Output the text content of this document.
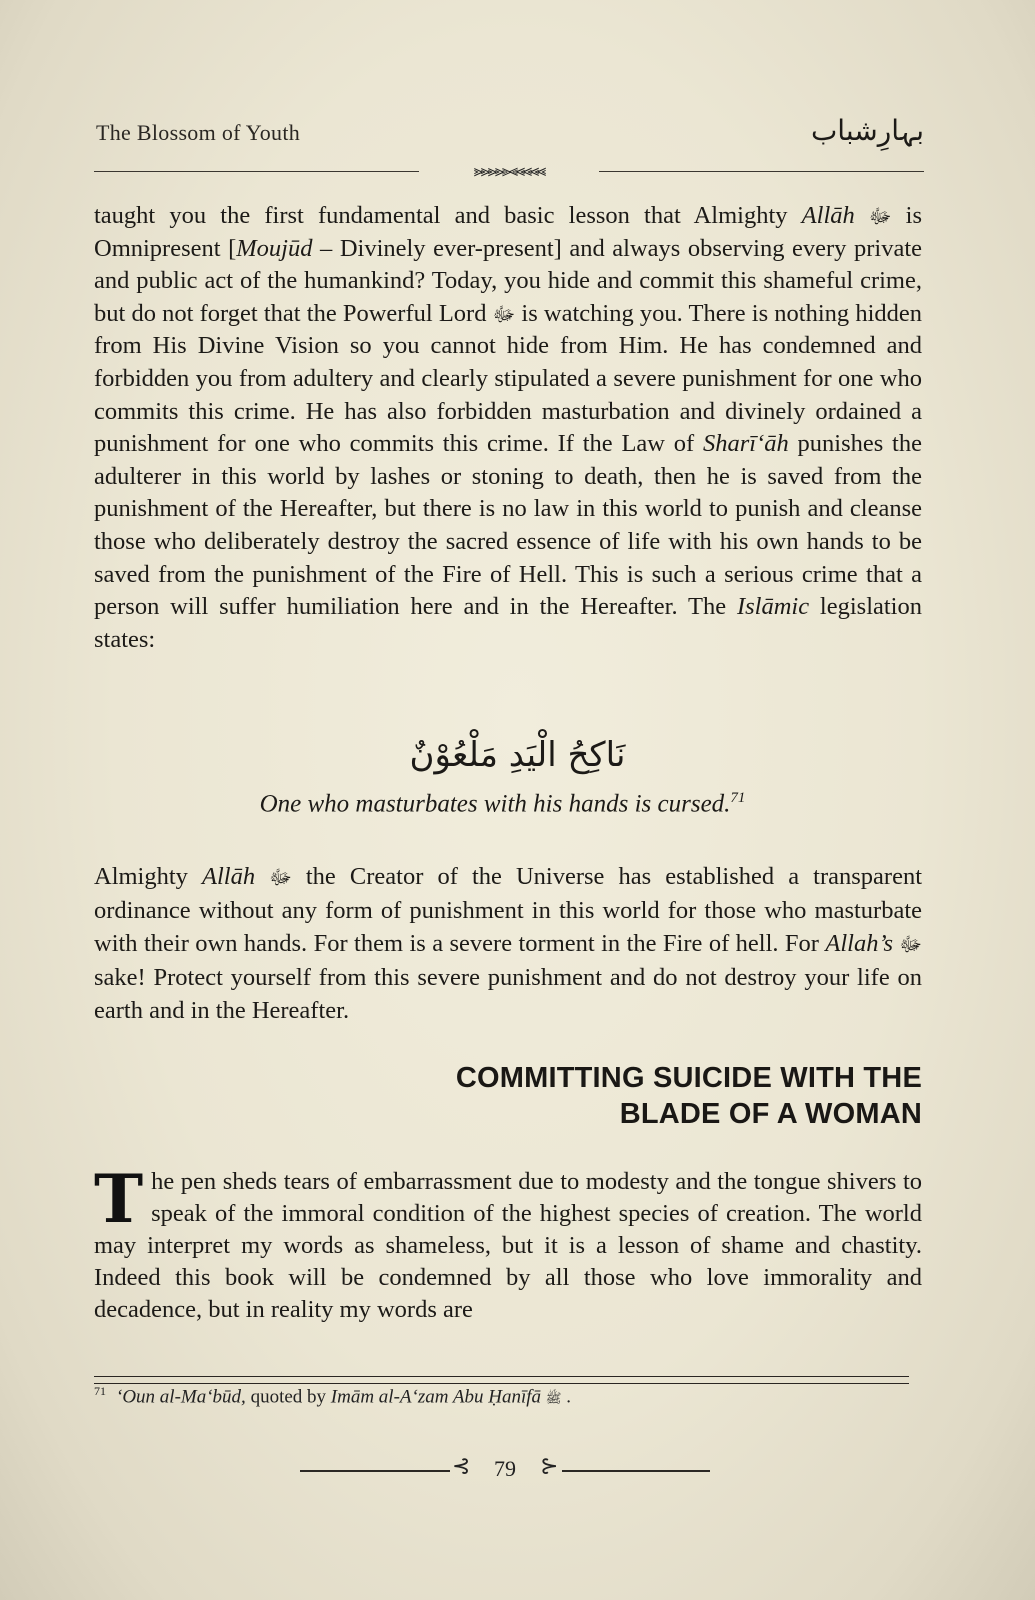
The Blossom of Youth	بہارِشباب
⪢⪢⪢⪢⫸⫷⪡⪡⪡⪡

taught you the first fundamental and basic lesson that Almighty Allāh ﷻ is Omnipresent [Moujūd – Divinely ever-present] and always observing every private and public act of the humankind? Today, you hide and commit this shameful crime, but do not forget that the Powerful Lord ﷻ is watching you. There is nothing hidden from His Divine Vision so you cannot hide from Him. He has condemned and forbidden you from adultery and clearly stipulated a severe punishment for one who commits this crime. He has also forbidden masturbation and divinely ordained a punishment for one who commits this crime. If the Law of Sharī‘āh punishes the adulterer in this world by lashes or stoning to death, then he is saved from the punishment of the Hereafter, but there is no law in this world to punish and cleanse those who deliberately destroy the sacred essence of life with his own hands to be saved from the punishment of the Fire of Hell. This is such a serious crime that a person will suffer humiliation here and in the Hereafter. The Islāmic legislation states:

نَاكِحُ الْيَدِ مَلْعُوْنٌ
One who masturbates with his hands is cursed.$^{71}$

Almighty Allāh ﷻ the Creator of the Universe has established a transparent ordinance without any form of punishment in this world for those who masturbate with their own hands. For them is a severe torment in the Fire of hell. For Allah’s ﷻ sake! Protect yourself from this severe punishment and do not destroy your life on earth and in the Hereafter.

COMMITTING SUICIDE WITH THE
BLADE OF A WOMAN

The pen sheds tears of embarrassment due to modesty and the tongue shivers to speak of the immoral condition of the highest species of creation. The world may interpret my words as shameless, but it is a lesson of shame and chastity. Indeed this book will be condemned by all those who love immorality and decadence, but in reality my words are

$^{71}$ ‘Oun al-Ma‘būd, quoted by Imām al-A‘zam Abu Ḥanīfā ﷺ .
⊰	79	⊱
